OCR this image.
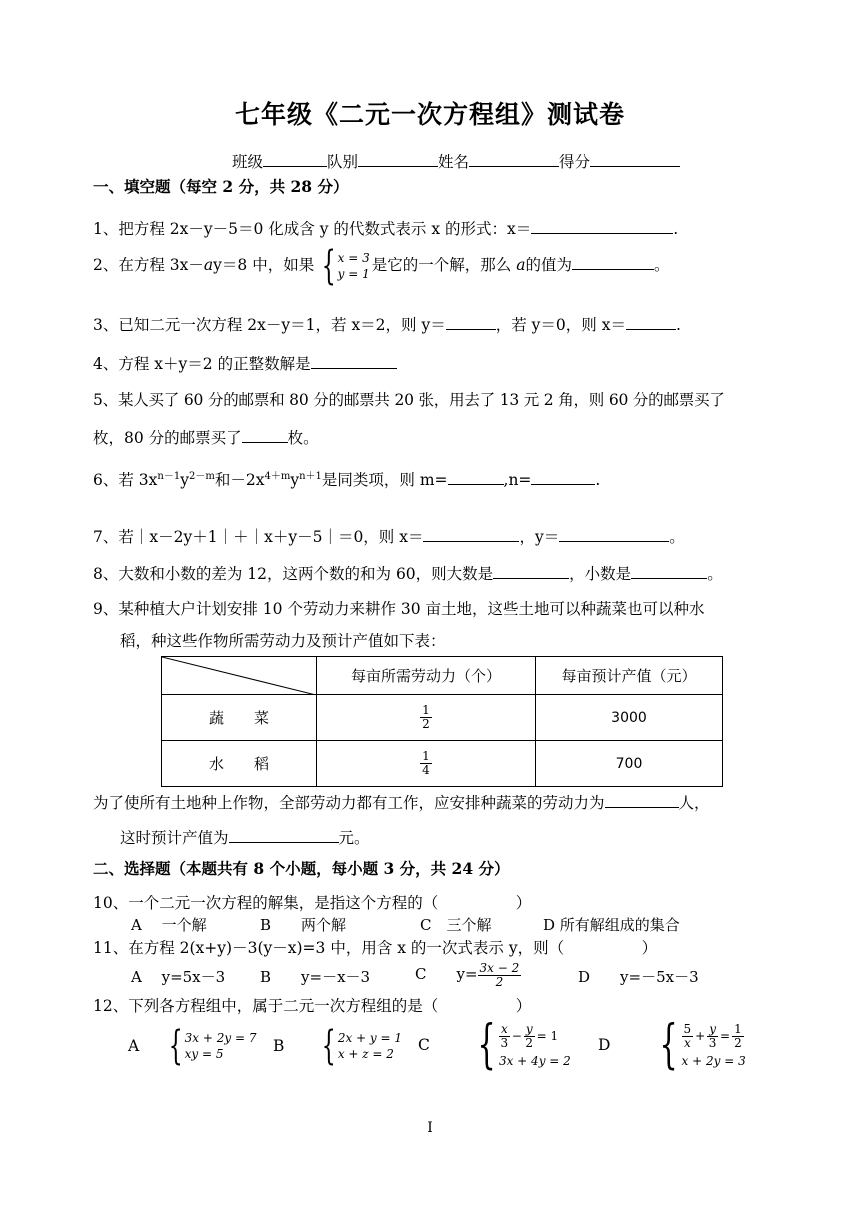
七年级《二元一次方程组》测试卷
班级	队别	姓名	得分
一、填空题（每空 2 分，共 28 分）
1、把方程 2x－y－5＝0 化成含 y 的代数式表示 x 的形式：x＝	.
2、在方程 3x－ay＝8 中，如果 { x = 3
y = 1 是它的一个解，那么 a的值为	。
3、已知二元一次方程 2x－y＝1，若 x＝2，则 y＝	，若 y＝0，则 x＝	.
4、方程 x＋y＝2 的正整数解是
5、某人买了 60 分的邮票和 80 分的邮票共 20 张，用去了 13 元 2 角，则 60 分的邮票买了
枚，80 分的邮票买了	枚。
6、若 $3x^{n-1}y^{2-m}$和$-2x^{4+m}y^{n+1}$是同类项，则 m=	,n=	.
7、若｜x－2y＋1｜＋｜x＋y－5｜＝0，则 x＝	，y＝	。
8、大数和小数的差为 12，这两个数的和为 60，则大数是	，小数是	。
9、某种植大户计划安排 10 个劳动力来耕作 30 亩土地，这些土地可以种蔬菜也可以种水
稻，种这些作物所需劳动力及预计产值如下表：
	每亩所需劳动力（个）	每亩预计产值（元）
蔬　　菜	$\frac{1}{2}$	3000
水　　稻	$\frac{1}{4}$	700
为了使所有土地种上作物，全部劳动力都有工作，应安排种蔬菜的劳动力为	人，
这时预计产值为	元。
二、选择题（本题共有 8 个小题，每小题 3 分，共 24 分）
10、一个二元一次方程的解集，是指这个方程的（　　　　　）
A　 一个解	B　　两个解	C　三个解	D 所有解组成的集合
11、在方程 2(x+y)－3(y－x)=3 中，用含 x 的一次式表示 y，则（　　　　　）
A　 y=5x－3 B　　y=－x－3	C　　$y= \frac{3x - 2}{2}$	D　　y=－5x－3
12、下列各方程组中，属于二元一次方程组的是（　　　　　）
A { 3x + 2y = 7
xy = 5	B { 2x + y = 1
x + z = 2	C { $\frac{x}{3} - \frac{y}{2} = 1$
3x + 4y = 2
D { $\frac{5}{x} + \frac{y}{3} = \frac{1}{2}$
x + 2y = 3
I
